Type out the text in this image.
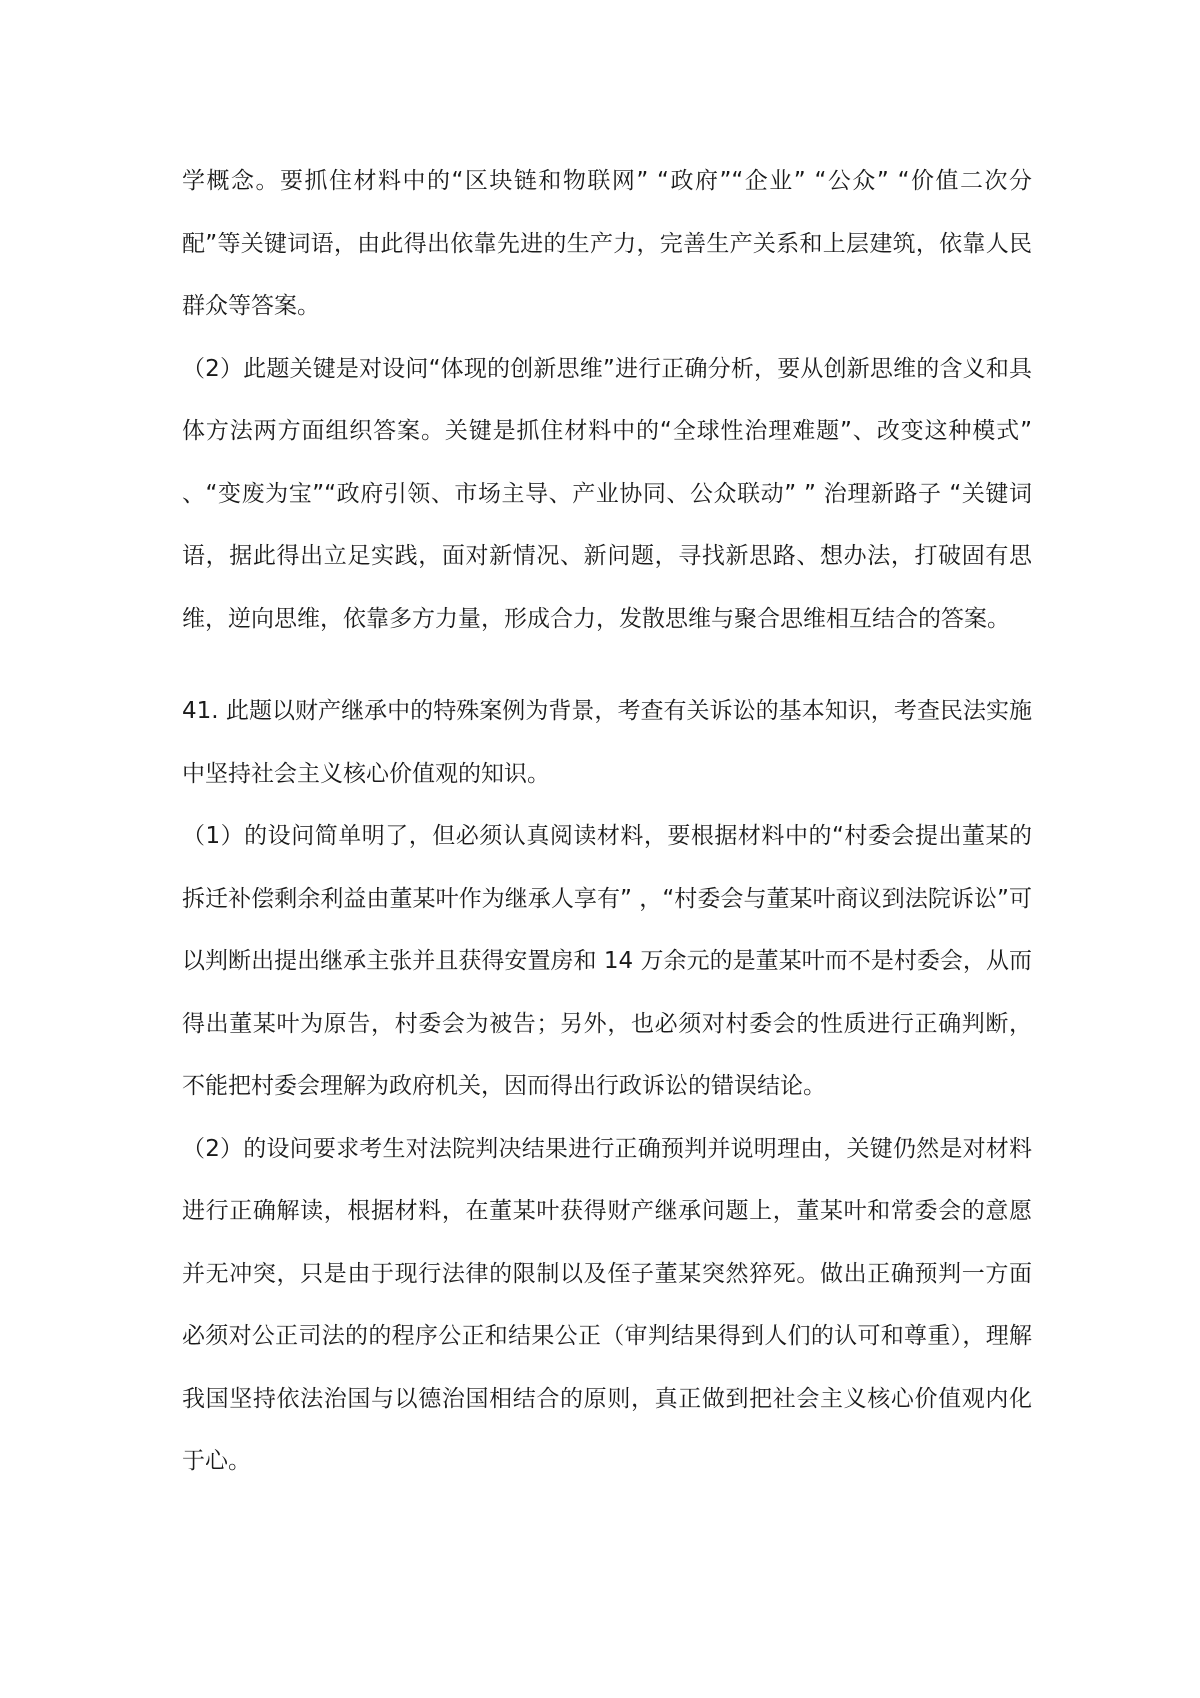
学概念。要抓住材料中的“区块链和物联网” “政府”“企业” “公众” “价值二次分配”等关键词语，由此得出依靠先进的生产力，完善生产关系和上层建筑，依靠人民群众等答案。

（2）此题关键是对设问“体现的创新思维”进行正确分析，要从创新思维的含义和具体方法两方面组织答案。关键是抓住材料中的“全球性治理难题”、改变这种模式” 、“变废为宝”“政府引领、市场主导、产业协同、公众联动” ” 治理新路子 “关键词语，据此得出立足实践，面对新情况、新问题，寻找新思路、想办法，打破固有思维，逆向思维，依靠多方力量，形成合力，发散思维与聚合思维相互结合的答案。

41. 此题以财产继承中的特殊案例为背景，考查有关诉讼的基本知识，考查民法实施中坚持社会主义核心价值观的知识。

（1）的设问简单明了，但必须认真阅读材料，要根据材料中的“村委会提出董某的拆迁补偿剩余利益由董某叶作为继承人享有” ，“村委会与董某叶商议到法院诉讼”可以判断出提出继承主张并且获得安置房和 14 万余元的是董某叶而不是村委会，从而得出董某叶为原告，村委会为被告；另外，也必须对村委会的性质进行正确判断，不能把村委会理解为政府机关，因而得出行政诉讼的错误结论。

（2）的设问要求考生对法院判决结果进行正确预判并说明理由，关键仍然是对材料进行正确解读，根据材料，在董某叶获得财产继承问题上，董某叶和常委会的意愿并无冲突，只是由于现行法律的限制以及侄子董某突然猝死。做出正确预判一方面必须对公正司法的的程序公正和结果公正（审判结果得到人们的认可和尊重），理解我国坚持依法治国与以德治国相结合的原则，真正做到把社会主义核心价值观内化于心。
